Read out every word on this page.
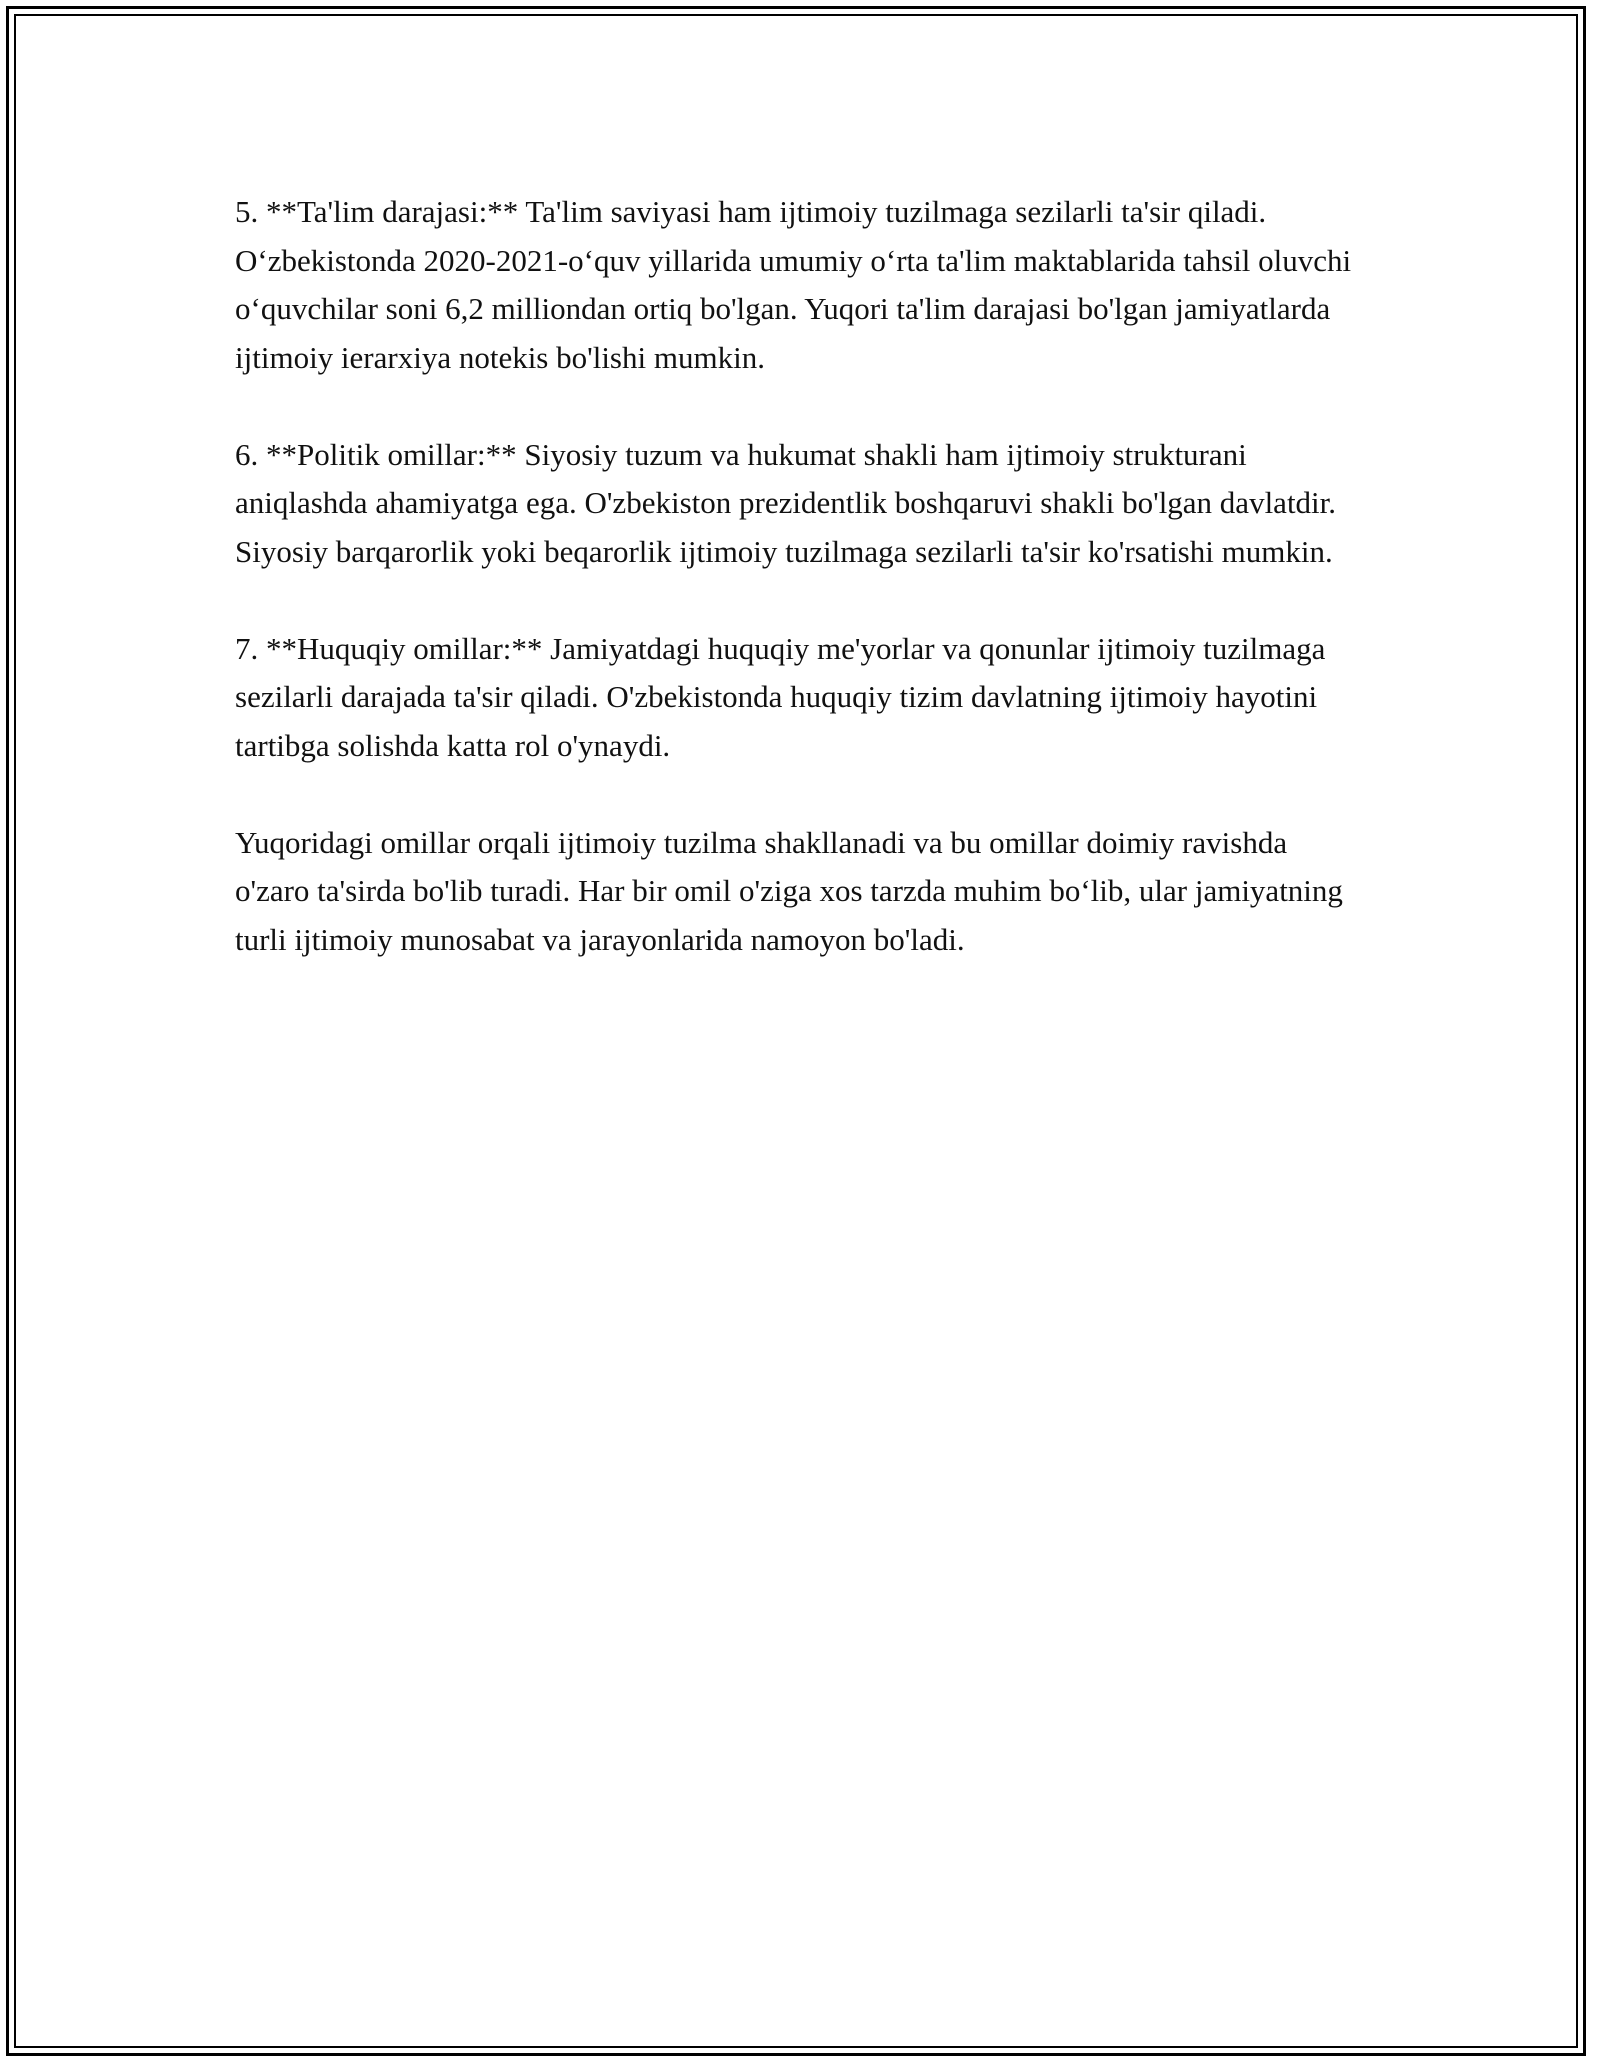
5. **Ta'lim darajasi:** Ta'lim saviyasi ham ijtimoiy tuzilmaga sezilarli ta'sir qiladi. O‘zbekistonda 2020-2021-o‘quv yillarida umumiy o‘rta ta'lim maktablarida tahsil oluvchi o‘quvchilar soni 6,2 milliondan ortiq bo'lgan. Yuqori ta'lim darajasi bo'lgan jamiyatlarda ijtimoiy ierarxiya notekis bo'lishi mumkin.

6. **Politik omillar:** Siyosiy tuzum va hukumat shakli ham ijtimoiy strukturani aniqlashda ahamiyatga ega. O'zbekiston prezidentlik boshqaruvi shakli bo'lgan davlatdir. Siyosiy barqarorlik yoki beqarorlik ijtimoiy tuzilmaga sezilarli ta'sir ko'rsatishi mumkin.

7. **Huquqiy omillar:** Jamiyatdagi huquqiy me'yorlar va qonunlar ijtimoiy tuzilmaga sezilarli darajada ta'sir qiladi. O'zbekistonda huquqiy tizim davlatning ijtimoiy hayotini tartibga solishda katta rol o'ynaydi.

Yuqoridagi omillar orqali ijtimoiy tuzilma shakllanadi va bu omillar doimiy ravishda o'zaro ta'sirda bo'lib turadi. Har bir omil o'ziga xos tarzda muhim bo‘lib, ular jamiyatning turli ijtimoiy munosabat va jarayonlarida namoyon bo'ladi.
